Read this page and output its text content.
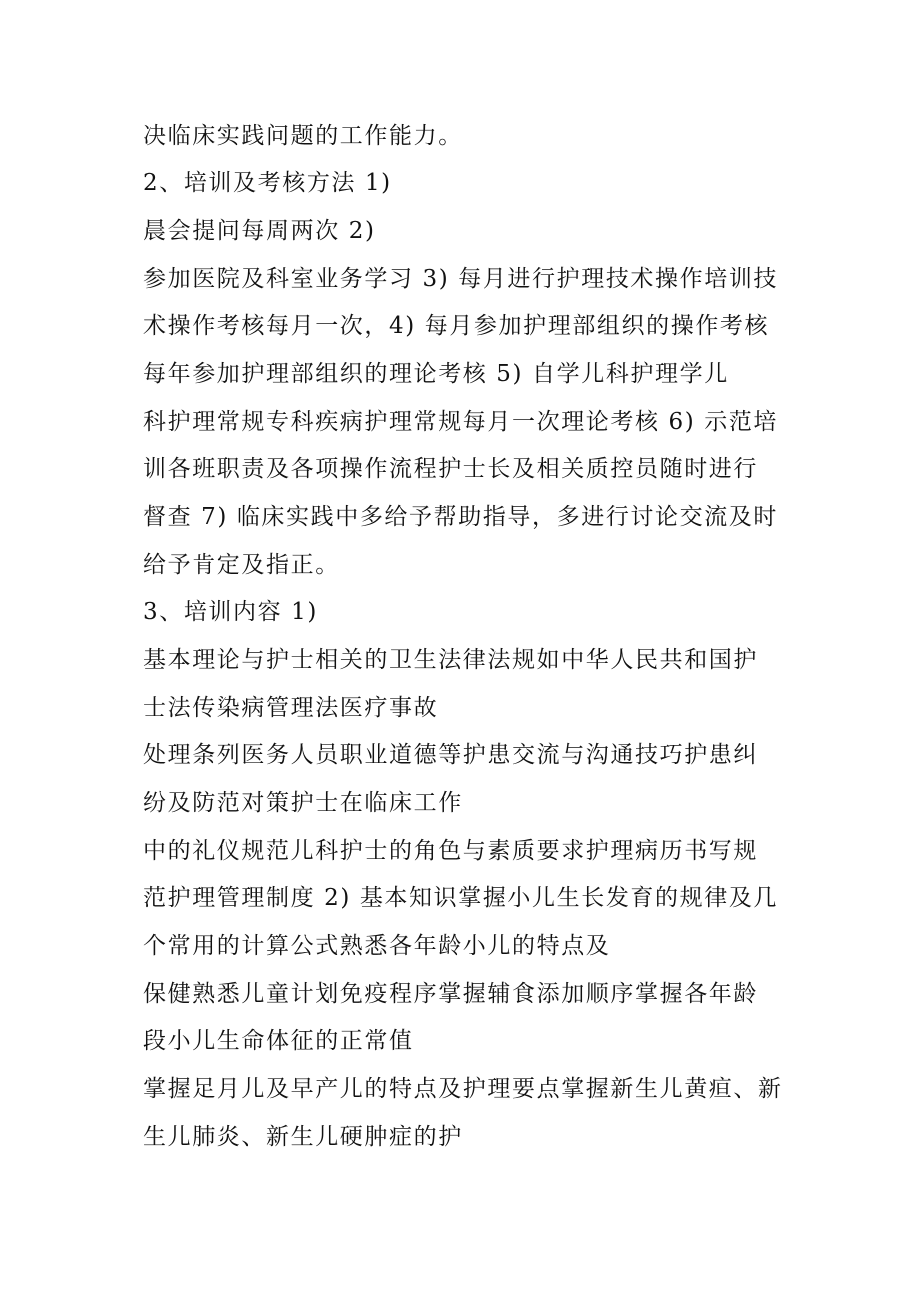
决临床实践问题的工作能力。
2、培训及考核方法 1)
晨会提问每周两次 2)
参加医院及科室业务学习 3) 每月进行护理技术操作培训技
术操作考核每月一次，4) 每月参加护理部组织的操作考核
每年参加护理部组织的理论考核 5) 自学儿科护理学儿
科护理常规专科疾病护理常规每月一次理论考核 6) 示范培
训各班职责及各项操作流程护士长及相关质控员随时进行
督查 7) 临床实践中多给予帮助指导，多进行讨论交流及时
给予肯定及指正。
3、培训内容 1)
基本理论与护士相关的卫生法律法规如中华人民共和国护
士法传染病管理法医疗事故
处理条列医务人员职业道德等护患交流与沟通技巧护患纠
纷及防范对策护士在临床工作
中的礼仪规范儿科护士的角色与素质要求护理病历书写规
范护理管理制度 2) 基本知识掌握小儿生长发育的规律及几
个常用的计算公式熟悉各年龄小儿的特点及
保健熟悉儿童计划免疫程序掌握辅食添加顺序掌握各年龄
段小儿生命体征的正常值
掌握足月儿及早产儿的特点及护理要点掌握新生儿黄疸、新
生儿肺炎、新生儿硬肿症的护
